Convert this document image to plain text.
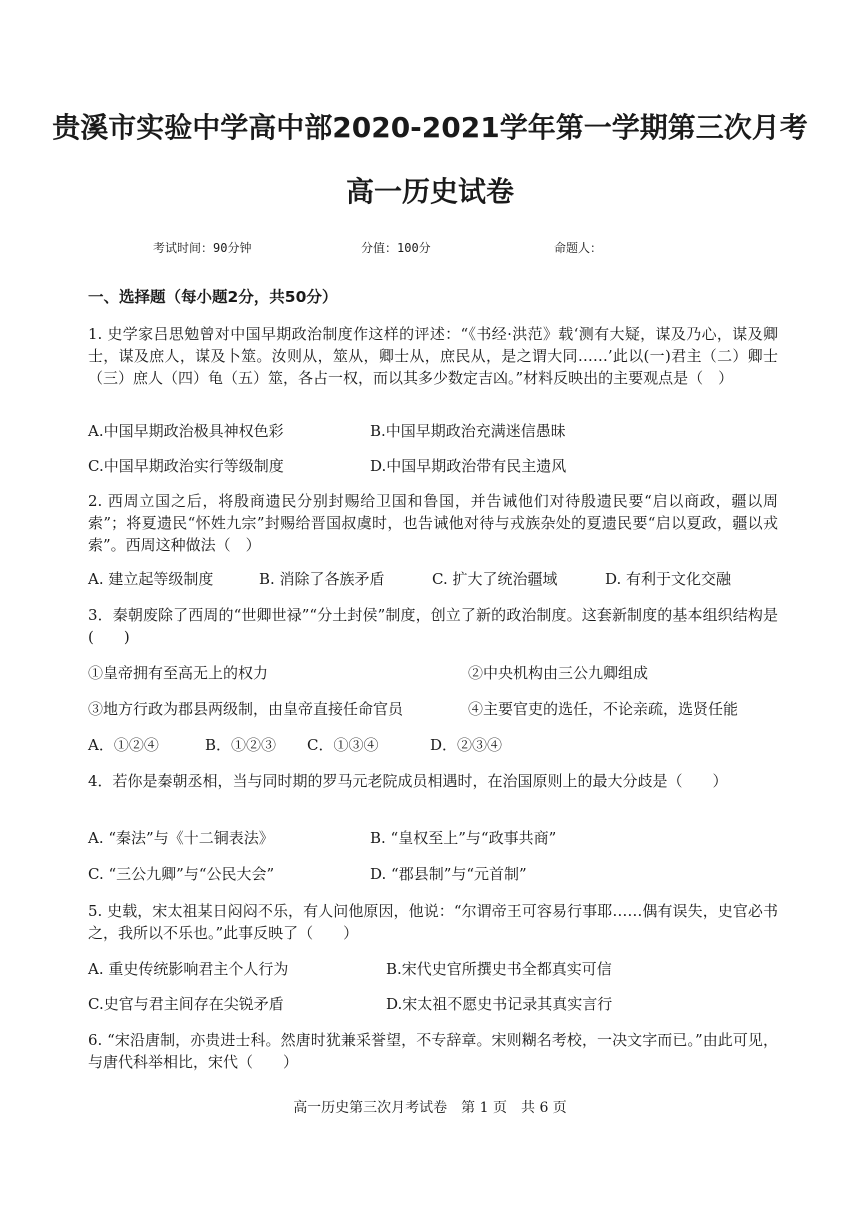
贵溪市实验中学高中部2020-2021学年第一学期第三次月考
高一历史试卷
考试时间：90分钟	分值：100分	命题人：
一、选择题（每小题2分，共50分）

1. 史学家吕思勉曾对中国早期政治制度作这样的评述：“《书经·洪范》载‘测有大疑，谋及乃心，谋及卿士，谋及庶人，谋及卜筮。汝则从，筮从，卿士从，庶民从，是之谓大同……’此以(一)君主（二）卿士（三）庶人（四）龟（五）筮，各占一权，而以其多少数定吉凶。”材料反映出的主要观点是（　）

A.中国早期政治极具神权色彩	B.中国早期政治充满迷信愚昧
C.中国早期政治实行等级制度	D.中国早期政治带有民主遗风

2. 西周立国之后，将殷商遗民分别封赐给卫国和鲁国，并告诫他们对待殷遗民要“启以商政，疆以周索”；将夏遗民“怀姓九宗”封赐给晋国叔虞时，也告诫他对待与戎族杂处的夏遗民要“启以夏政，疆以戎索”。西周这种做法（　）

A. 建立起等级制度	B. 消除了各族矛盾	C. 扩大了统治疆域	D. 有利于文化交融

3．秦朝废除了西周的“世卿世禄”“分土封侯”制度，创立了新的政治制度。这套新制度的基本组织结构是(　　)

①皇帝拥有至高无上的权力	②中央机构由三公九卿组成
③地方行政为郡县两级制，由皇帝直接任命官员	④主要官吏的选任，不论亲疏，选贤任能
A．①②④	B．①②③ C．①③④	D．②③④

4．若你是秦朝丞相，当与同时期的罗马元老院成员相遇时，在治国原则上的最大分歧是（　　）

A. “秦法”与《十二铜表法》	B. “皇权至上”与“政事共商”
C. “三公九卿”与“公民大会”	D. “郡县制”与“元首制”

5. 史载，宋太祖某日闷闷不乐，有人问他原因，他说：“尔谓帝王可容易行事耶……偶有误失，史官必书之，我所以不乐也。”此事反映了（　　）

A. 重史传统影响君主个人行为	B.宋代史官所撰史书全都真实可信
C.史官与君主间存在尖锐矛盾	D.宋太祖不愿史书记录其真实言行

6. “宋沿唐制，亦贵进士科。然唐时犹兼采誉望，不专辞章。宋则糊名考校，一决文字而已。”由此可见，与唐代科举相比，宋代（　　）

高一历史第三次月考试卷　第 1 页　共 6 页
